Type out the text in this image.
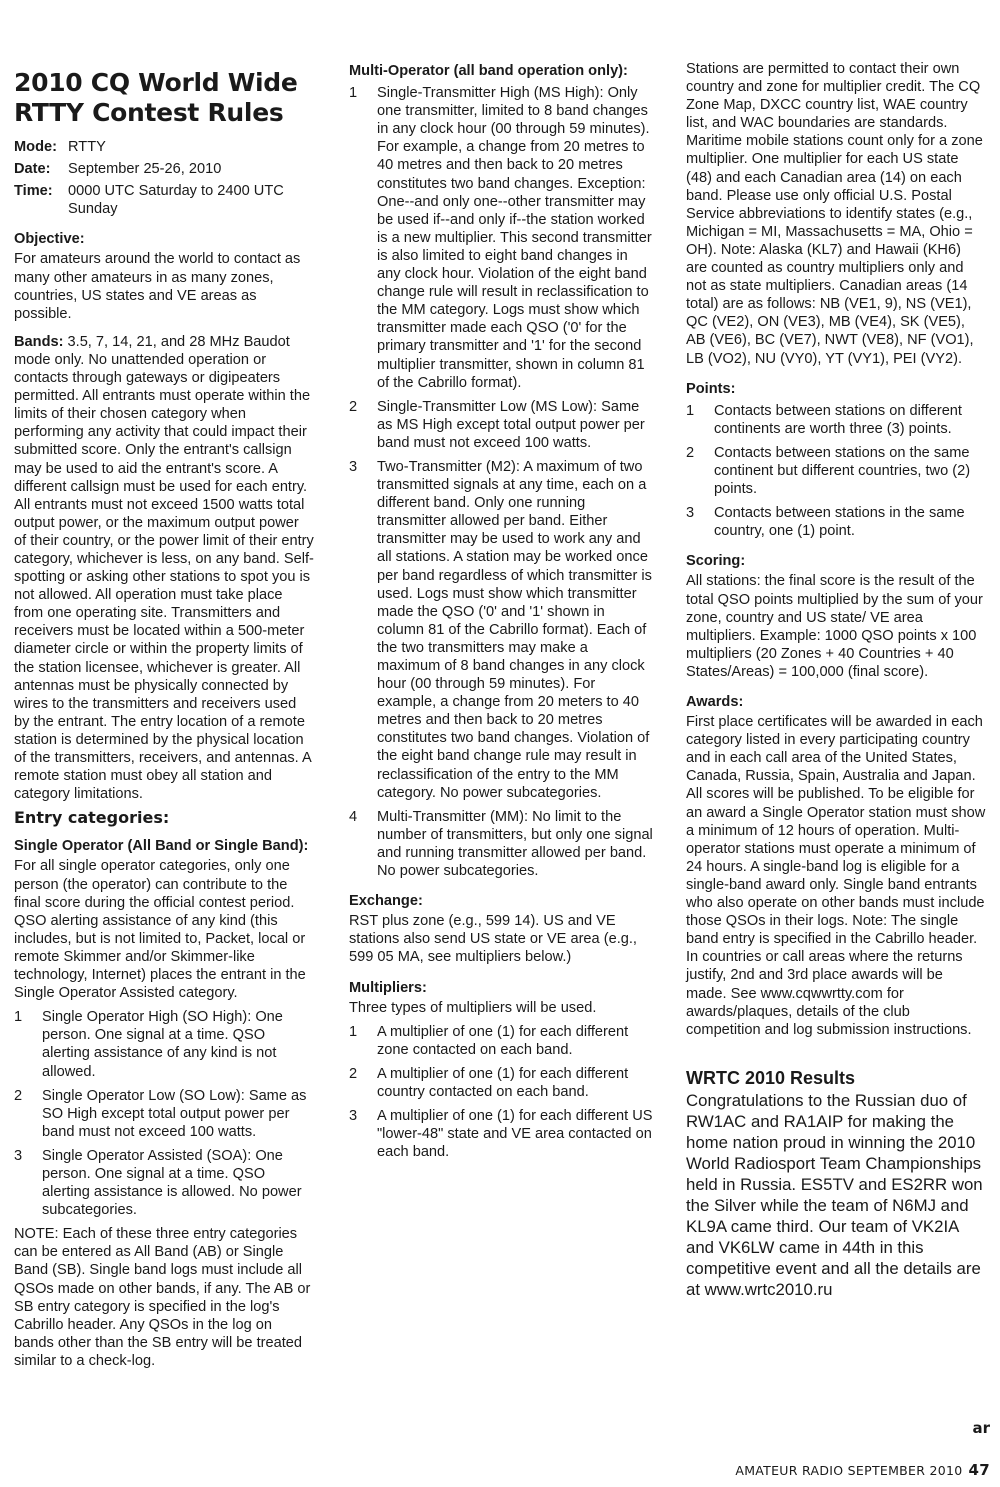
2010 CQ World Wide RTTY Contest Rules
Mode: RTTY
Date:	September 25-26, 2010
Time:	0000 UTC Saturday to 2400 UTC Sunday
Objective:

For amateurs around the world to contact as many other amateurs in as many zones, countries, US states and VE areas as possible.

Bands: 3.5, 7, 14, 21, and 28 MHz Baudot mode only. No unattended operation or contacts through gateways or digipeaters permitted. All entrants must operate within the limits of their chosen category when performing any activity that could impact their submitted score. Only the entrant's callsign may be used to aid the entrant's score. A different callsign must be used for each entry. All entrants must not exceed 1500 watts total output power, or the maximum output power of their country, or the power limit of their entry category, whichever is less, on any band. Self-spotting or asking other stations to spot you is not allowed. All operation must take place from one operating site. Transmitters and receivers must be located within a 500-meter diameter circle or within the property limits of the station licensee, whichever is greater. All antennas must be physically connected by wires to the transmitters and receivers used by the entrant. The entry location of a remote station is determined by the physical location of the transmitters, receivers, and antennas. A remote station must obey all station and category limitations.

Entry categories:
Single Operator (All Band or Single Band):

For all single operator categories, only one person (the operator) can contribute to the final score during the official contest period. QSO alerting assistance of any kind (this includes, but is not limited to, Packet, local or remote Skimmer and/or Skimmer-like technology, Internet) places the entrant in the Single Operator Assisted category.

1	Single Operator High (SO High): One person. One signal at a time. QSO alerting assistance of any kind is not allowed.
2	Single Operator Low (SO Low): Same as SO High except total output power per band must not exceed 100 watts.
3	Single Operator Assisted (SOA): One person. One signal at a time. QSO alerting assistance is allowed. No power subcategories.

NOTE: Each of these three entry categories can be entered as All Band (AB) or Single Band (SB). Single band logs must include all QSOs made on other bands, if any. The AB or SB entry category is specified in the log's Cabrillo header. Any QSOs in the log on bands other than the SB entry will be treated similar to a check-log.

Multi-Operator (all band operation only):
1	Single-Transmitter High (MS High): Only one transmitter, limited to 8 band changes in any clock hour (00 through 59 minutes). For example, a change from 20 metres to 40 metres and then back to 20 metres constitutes two band changes. Exception: One--and only one--other transmitter may be used if--and only if--the station worked is a new multiplier. This second transmitter is also limited to eight band changes in any clock hour. Violation of the eight band change rule will result in reclassification to the MM category. Logs must show which transmitter made each QSO ('0' for the primary transmitter and '1' for the second multiplier transmitter, shown in column 81 of the Cabrillo format).
2	Single-Transmitter Low (MS Low): Same as MS High except total output power per band must not exceed 100 watts.
3	Two-Transmitter (M2): A maximum of two transmitted signals at any time, each on a different band. Only one running transmitter allowed per band. Either transmitter may be used to work any and all stations. A station may be worked once per band regardless of which transmitter is used. Logs must show which transmitter made the QSO ('0' and '1' shown in column 81 of the Cabrillo format). Each of the two transmitters may make a maximum of 8 band changes in any clock hour (00 through 59 minutes). For example, a change from 20 meters to 40 metres and then back to 20 metres constitutes two band changes. Violation of the eight band change rule may result in reclassification of the entry to the MM category. No power subcategories.
4	Multi-Transmitter (MM): No limit to the number of transmitters, but only one signal and running transmitter allowed per band. No power subcategories.
Exchange:

RST plus zone (e.g., 599 14). US and VE stations also send US state or VE area (e.g., 599 05 MA, see multipliers below.)

Multipliers:

Three types of multipliers will be used.

1	A multiplier of one (1) for each different zone contacted on each band.
2	A multiplier of one (1) for each different country contacted on each band.
3	A multiplier of one (1) for each different US "lower-48" state and VE area contacted on each band.

Stations are permitted to contact their own country and zone for multiplier credit. The CQ Zone Map, DXCC country list, WAE country list, and WAC boundaries are standards. Maritime mobile stations count only for a zone multiplier. One multiplier for each US state (48) and each Canadian area (14) on each band. Please use only official U.S. Postal Service abbreviations to identify states (e.g., Michigan = MI, Massachusetts = MA, Ohio = OH). Note: Alaska (KL7) and Hawaii (KH6) are counted as country multipliers only and not as state multipliers. Canadian areas (14 total) are as follows: NB (VE1, 9), NS (VE1), QC (VE2), ON (VE3), MB (VE4), SK (VE5), AB (VE6), BC (VE7), NWT (VE8), NF (VO1), LB (VO2), NU (VY0), YT (VY1), PEI (VY2).

Points:
1	Contacts between stations on different continents are worth three (3) points.
2	Contacts between stations on the same continent but different countries, two (2) points.
3	Contacts between stations in the same country, one (1) point.
Scoring:

All stations: the final score is the result of the total QSO points multiplied by the sum of your zone, country and US state/ VE area multipliers. Example: 1000 QSO points x 100 multipliers (20 Zones + 40 Countries + 40 States/Areas) = 100,000 (final score).

Awards:

First place certificates will be awarded in each category listed in every participating country and in each call area of the United States, Canada, Russia, Spain, Australia and Japan. All scores will be published. To be eligible for an award a Single Operator station must show a minimum of 12 hours of operation. Multi-operator stations must operate a minimum of 24 hours. A single-band log is eligible for a single-band award only. Single band entrants who also operate on other bands must include those QSOs in their logs. Note: The single band entry is specified in the Cabrillo header. In countries or call areas where the returns justify, 2nd and 3rd place awards will be made. See www.cqwwrtty.com for awards/plaques, details of the club competition and log submission instructions.

WRTC 2010 Results
Congratulations to the Russian duo of RW1AC and RA1AIP for making the home nation proud in winning the 2010 World Radiosport Team Championships held in Russia. ES5TV and ES2RR won the Silver while the team of N6MJ and KL9A came third. Our team of VK2IA and VK6LW came in 44th in this competitive event and all the details are at www.wrtc2010.ru
ar
AMATEUR RADIO SEPTEMBER 2010 47
